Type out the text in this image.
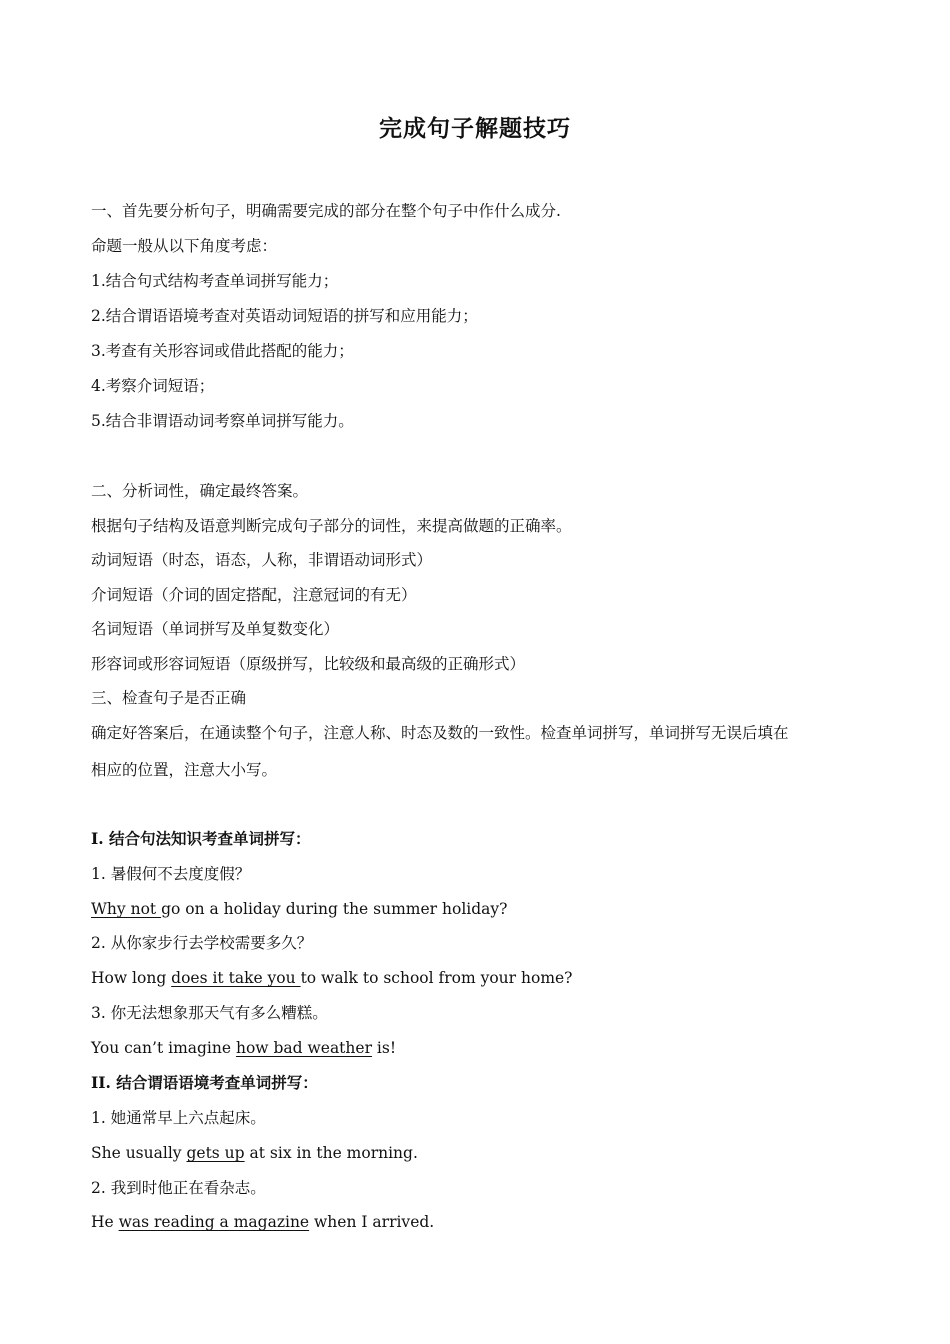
完成句子解题技巧
一、首先要分析句子，明确需要完成的部分在整个句子中作什么成分.
命题一般从以下角度考虑：
1.结合句式结构考查单词拼写能力；
2.结合谓语语境考查对英语动词短语的拼写和应用能力；
3.考查有关形容词或借此搭配的能力；
4.考察介词短语；
5.结合非谓语动词考察单词拼写能力。
二、分析词性，确定最终答案。
根据句子结构及语意判断完成句子部分的词性，来提高做题的正确率。
动词短语（时态，语态，人称，非谓语动词形式）
介词短语（介词的固定搭配，注意冠词的有无）
名词短语（单词拼写及单复数变化）
形容词或形容词短语（原级拼写，比较级和最高级的正确形式）
三、检查句子是否正确
确定好答案后，在通读整个句子，注意人称、时态及数的一致性。检查单词拼写，单词拼写无误后填在
相应的位置，注意大小写。
I. 结合句法知识考查单词拼写：
1. 暑假何不去度度假？
Why not go on a holiday during the summer holiday?
2. 从你家步行去学校需要多久？
How long does it take you to walk to school from your home?
3. 你无法想象那天气有多么糟糕。
You can’t imagine how bad weather is!
II. 结合谓语语境考查单词拼写：
1. 她通常早上六点起床。
She usually gets up at six in the morning.
2. 我到时他正在看杂志。
He was reading a magazine when I arrived.
